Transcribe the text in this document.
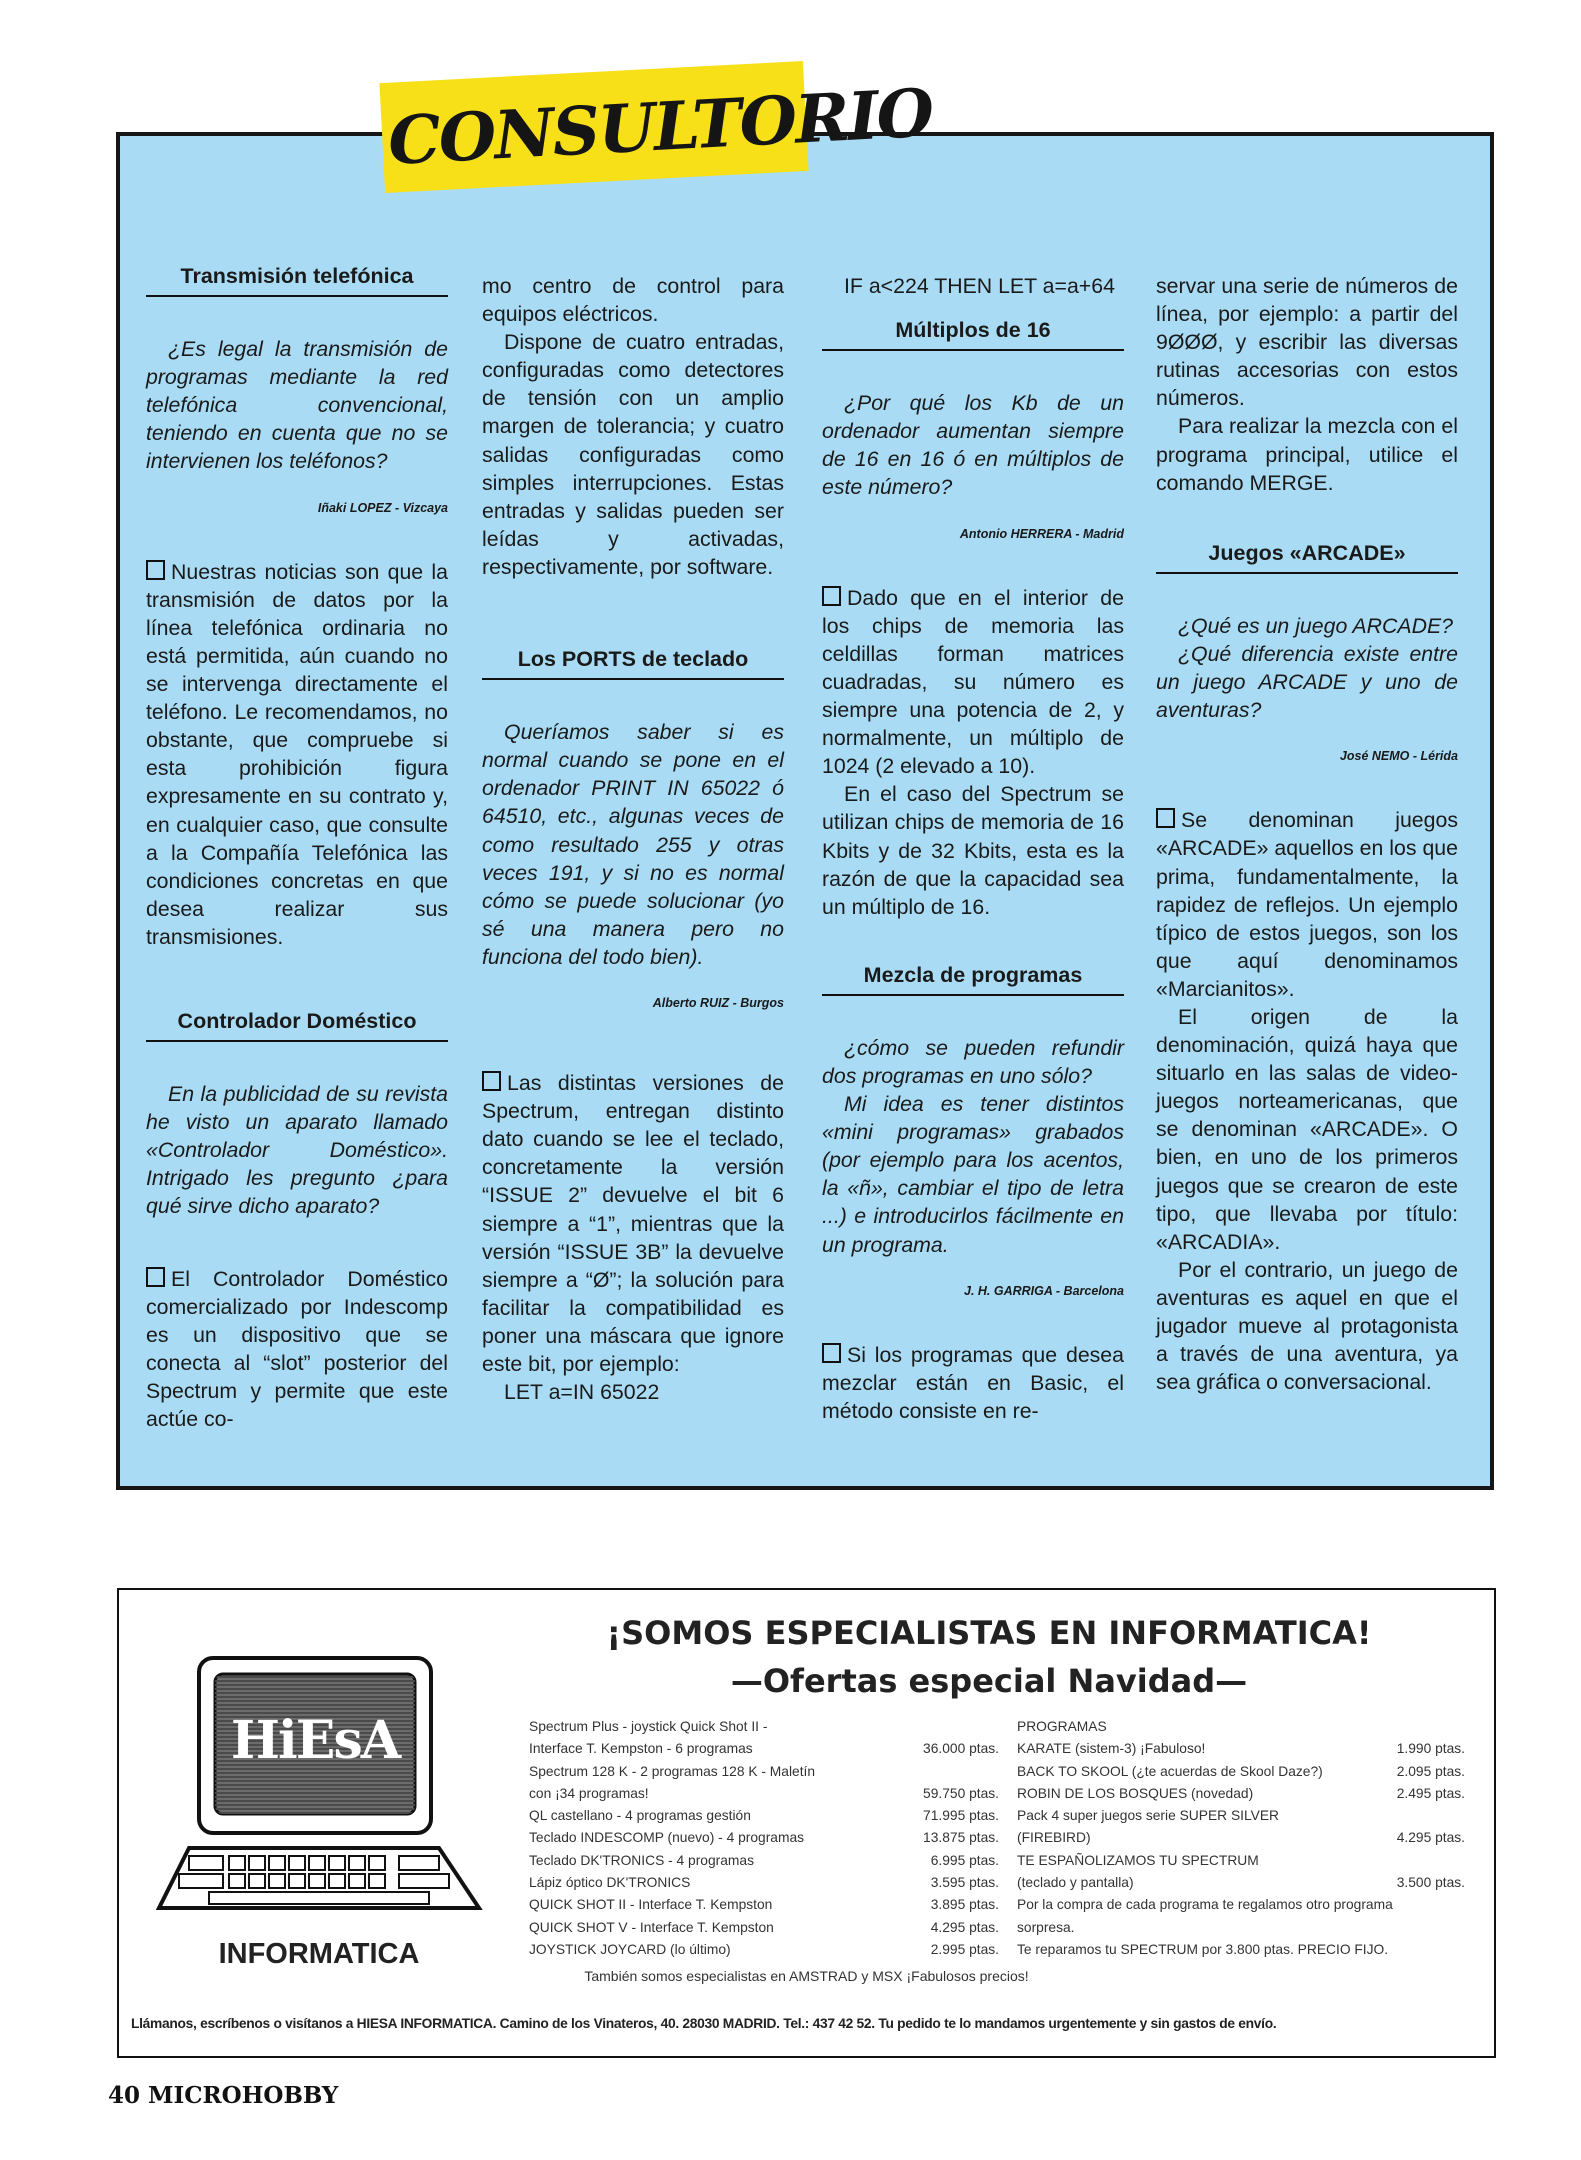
CONSULTORIO
Transmisión telefónica

¿Es legal la transmisión de programas mediante la red telefónica convencional, teniendo en cuenta que no se intervienen los teléfonos?

Iñaki LOPEZ - Vizcaya

Nuestras noticias son que la transmisión de datos por la línea telefónica ordinaria no está permitida, aún cuando no se intervenga directamente el teléfono. Le recomendamos, no obstante, que compruebe si esta prohibición figura expresamente en su contrato y, en cualquier caso, que consulte a la Compañía Telefónica las condiciones concretas en que desea realizar sus transmisiones.

Controlador Doméstico

En la publicidad de su revista he visto un aparato llamado «Controlador Doméstico». Intrigado les pregunto ¿para qué sirve dicho aparato?

El Controlador Doméstico comercializado por Indescomp es un dispositivo que se conecta al “slot” posterior del Spectrum y permite que este actúe co-

mo centro de control para equipos eléctricos.

Dispone de cuatro entradas, configuradas como detectores de tensión con un amplio margen de tolerancia; y cuatro salidas configuradas como simples interrupciones. Estas entradas y salidas pueden ser leídas y activadas, respectivamente, por software.

Los PORTS de teclado

Queríamos saber si es normal cuando se pone en el ordenador PRINT IN 65022 ó 64510, etc., algunas veces de como resultado 255 y otras veces 191, y si no es normal cómo se puede solucionar (yo sé una manera pero no funciona del todo bien).

Alberto RUIZ - Burgos

Las distintas versiones de Spectrum, entregan distinto dato cuando se lee el teclado, concretamente la versión “ISSUE 2” devuelve el bit 6 siempre a “1”, mientras que la versión “ISSUE 3B” la devuelve siempre a “Ø”; la solución para facilitar la compatibilidad es poner una máscara que ignore este bit, por ejemplo:

LET a=IN 65022

IF a<224 THEN LET a=a+64

Múltiplos de 16

¿Por qué los Kb de un ordenador aumentan siempre de 16 en 16 ó en múltiplos de este número?

Antonio HERRERA - Madrid

Dado que en el interior de los chips de memoria las celdillas forman matrices cuadradas, su número es siempre una potencia de 2, y normalmente, un múltiplo de 1024 (2 elevado a 10).

En el caso del Spectrum se utilizan chips de memoria de 16 Kbits y de 32 Kbits, esta es la razón de que la capacidad sea un múltiplo de 16.

Mezcla de programas

¿cómo se pueden refundir dos programas en uno sólo?

Mi idea es tener distintos «mini programas» grabados (por ejemplo para los acentos, la «ñ», cambiar el tipo de letra ...) e introducirlos fácilmente en un programa.

J. H. GARRIGA - Barcelona

Si los programas que desea mezclar están en Basic, el método consiste en re-

servar una serie de números de línea, por ejemplo: a partir del 9ØØØ, y escribir las diversas rutinas accesorias con estos números.

Para realizar la mezcla con el programa principal, utilice el comando MERGE.

Juegos «ARCADE»

¿Qué es un juego ARCADE?

¿Qué diferencia existe entre un juego ARCADE y uno de aventuras?

José NEMO - Lérida

Se denominan juegos «ARCADE» aquellos en los que prima, fundamentalmente, la rapidez de reflejos. Un ejemplo típico de estos juegos, son los que aquí denominamos «Marcianitos».

El origen de la denominación, quizá haya que situarlo en las salas de video-juegos norteamericanas, que se denominan «ARCADE». O bien, en uno de los primeros juegos que se crearon de este tipo, que llevaba por título: «ARCADIA».

Por el contrario, un juego de aventuras es aquel en que el jugador mueve al protagonista a través de una aventura, ya sea gráfica o conversacional.

HiEsA
INFORMATICA
¡SOMOS ESPECIALISTAS EN INFORMATICA!
—Ofertas especial Navidad—
Spectrum Plus - joystick Quick Shot II -
Interface T. Kempston - 6 programas	36.000 ptas.
Spectrum 128 K - 2 programas 128 K - Maletín
con ¡34 programas!	59.750 ptas.
QL castellano - 4 programas gestión	71.995 ptas.
Teclado INDESCOMP (nuevo) - 4 programas	13.875 ptas.
Teclado DK'TRONICS - 4 programas	6.995 ptas.
Lápiz óptico DK'TRONICS	3.595 ptas.
QUICK SHOT II - Interface T. Kempston	3.895 ptas.
QUICK SHOT V - Interface T. Kempston	4.295 ptas.
JOYSTICK JOYCARD (lo último)	2.995 ptas.
PROGRAMAS
KARATE (sistem-3) ¡Fabuloso!	1.990 ptas.
BACK TO SKOOL (¿te acuerdas de Skool Daze?)	2.095 ptas.
ROBIN DE LOS BOSQUES (novedad)	2.495 ptas.
Pack 4 super juegos serie SUPER SILVER
(FIREBIRD)	4.295 ptas.
TE ESPAÑOLIZAMOS TU SPECTRUM
(teclado y pantalla)	3.500 ptas.
Por la compra de cada programa te regalamos otro programa
sorpresa.
Te reparamos tu SPECTRUM por 3.800 ptas. PRECIO FIJO.
También somos especialistas en AMSTRAD y MSX ¡Fabulosos precios!
Llámanos, escríbenos o visítanos a HIESA INFORMATICA. Camino de los Vinateros, 40. 28030 MADRID. Tel.: 437 42 52. Tu pedido te lo mandamos urgentemente y sin gastos de envío.
40 MICROHOBBY
